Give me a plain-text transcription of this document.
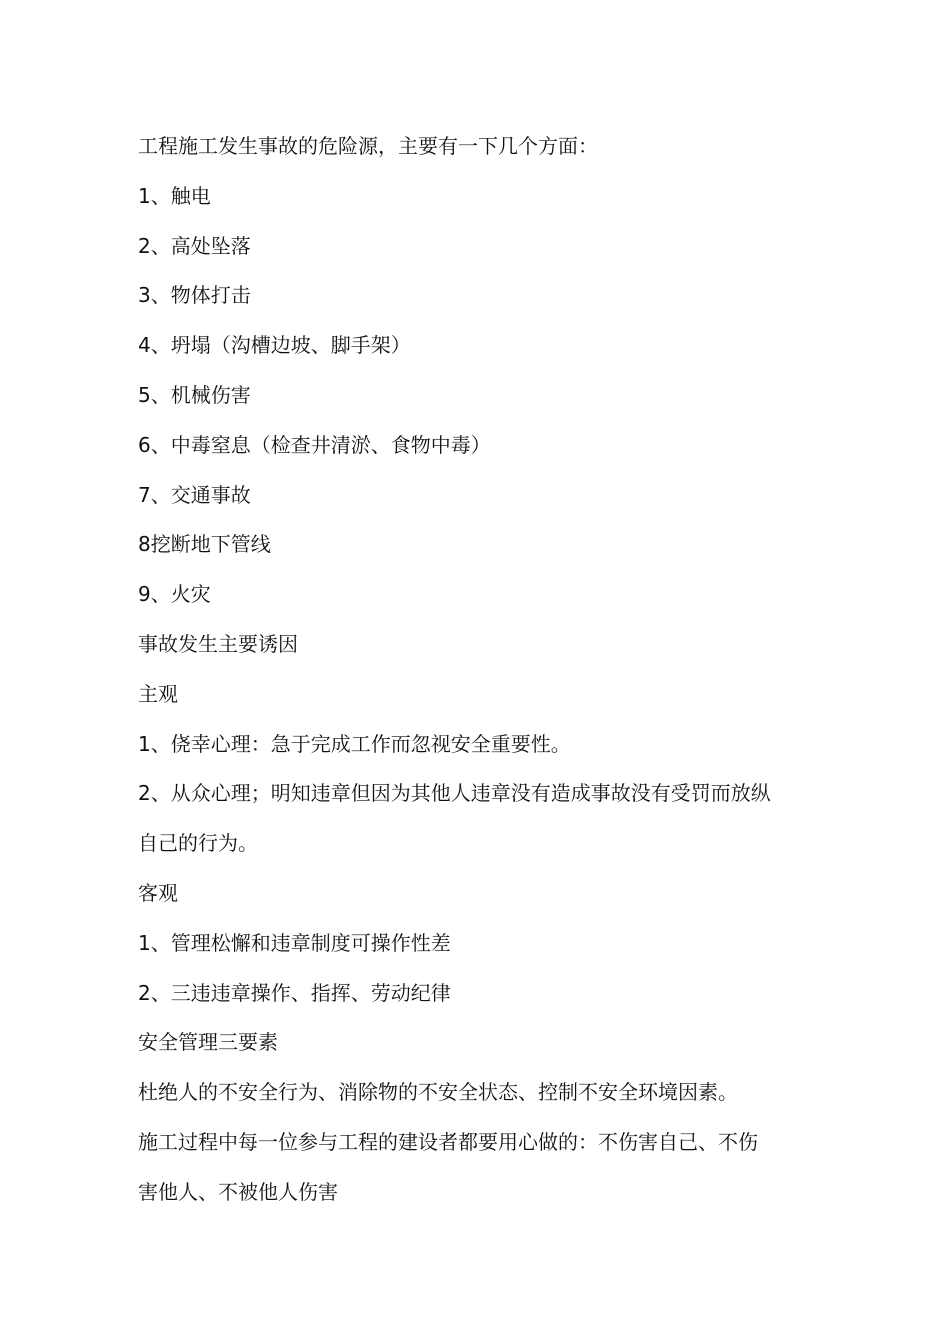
工程施工发生事故的危险源，主要有一下几个方面：

1、触电

2、高处坠落

3、物体打击

4、坍塌（沟槽边坡、脚手架）

5、机械伤害

6、中毒窒息（检查井清淤、食物中毒）

7、交通事故

8挖断地下管线

9、火灾

事故发生主要诱因

主观

1、侥幸心理：急于完成工作而忽视安全重要性。

2、从众心理；明知违章但因为其他人违章没有造成事故没有受罚而放纵

自己的行为。

客观

1、管理松懈和违章制度可操作性差

2、三违违章操作、指挥、劳动纪律

安全管理三要素

杜绝人的不安全行为、消除物的不安全状态、控制不安全环境因素。

施工过程中每一位参与工程的建设者都要用心做的：不伤害自己、不伤

害他人、不被他人伤害
